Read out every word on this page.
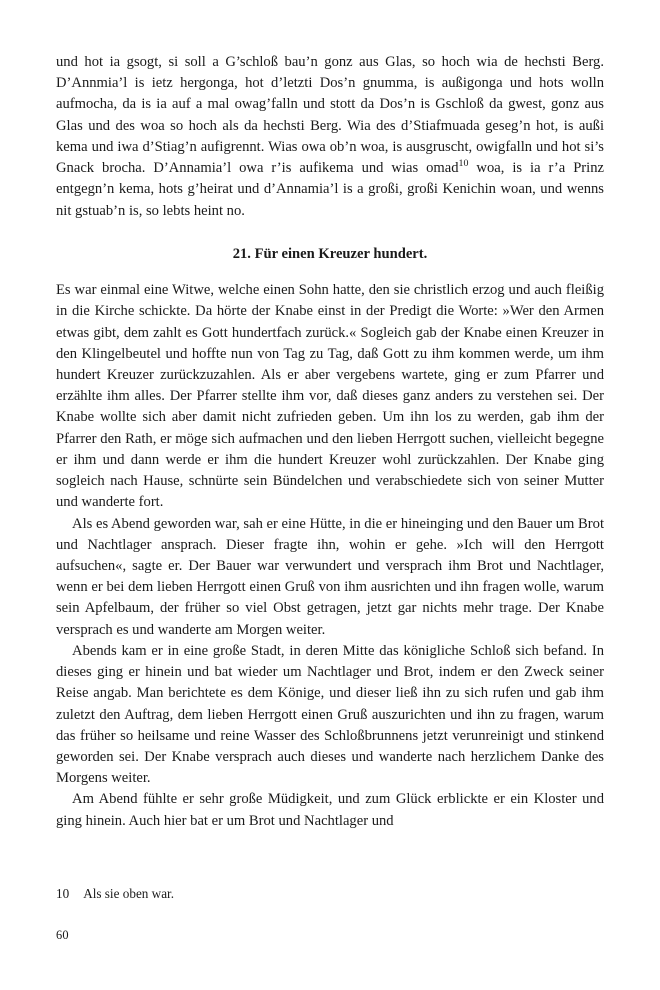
und hot ia gsogt, si soll a G’schloß bau’n gonz aus Glas, so hoch wia de hechsti Berg. D’Annmia’l is ietz hergonga, hot d’letzti Dos’n gnumma, is außigonga und hots wolln aufmocha, da is ia auf a mal owag’falln und stott da Dos’n is Gschloß da gwest, gonz aus Glas und des woa so hoch als da hechsti Berg. Wia des d’Stiafmuada geseg’n hot, is außi kema und iwa d’Stiag’n aufigrennt. Wias owa ob’n woa, is ausgruscht, owigfalln und hot si’s Gnack brocha. D’Annamia’l owa r’is aufikema und wias omad$^{10}$ woa, is ia r’a Prinz entgegn’n kema, hots g’heirat und d’Annamia’l is a großi, großi Kenichin woan, und wenns nit gstuab’n is, so lebts heint no.

21. Für einen Kreuzer hundert.

Es war einmal eine Witwe, welche einen Sohn hatte, den sie christlich erzog und auch fleißig in die Kirche schickte. Da hörte der Knabe einst in der Predigt die Worte: »Wer den Armen etwas gibt, dem zahlt es Gott hundertfach zurück.« Sogleich gab der Knabe einen Kreuzer in den Klingelbeutel und hoffte nun von Tag zu Tag, daß Gott zu ihm kommen werde, um ihm hundert Kreuzer zurückzuzahlen. Als er aber vergebens wartete, ging er zum Pfarrer und erzählte ihm alles. Der Pfarrer stellte ihm vor, daß dieses ganz anders zu verstehen sei. Der Knabe wollte sich aber damit nicht zufrieden geben. Um ihn los zu werden, gab ihm der Pfarrer den Rath, er möge sich aufmachen und den lieben Herrgott suchen, vielleicht begegne er ihm und dann werde er ihm die hundert Kreuzer wohl zurückzahlen. Der Knabe ging sogleich nach Hause, schnürte sein Bündelchen und verabschiedete sich von seiner Mutter und wanderte fort.

Als es Abend geworden war, sah er eine Hütte, in die er hineinging und den Bauer um Brot und Nachtlager ansprach. Dieser fragte ihn, wohin er gehe. »Ich will den Herrgott aufsuchen«, sagte er. Der Bauer war verwundert und versprach ihm Brot und Nachtlager, wenn er bei dem lieben Herrgott einen Gruß von ihm ausrichten und ihn fragen wolle, warum sein Apfelbaum, der früher so viel Obst getragen, jetzt gar nichts mehr trage. Der Knabe versprach es und wanderte am Morgen weiter.

Abends kam er in eine große Stadt, in deren Mitte das königliche Schloß sich befand. In dieses ging er hinein und bat wieder um Nachtlager und Brot, indem er den Zweck seiner Reise angab. Man berichtete es dem Könige, und dieser ließ ihn zu sich rufen und gab ihm zuletzt den Auftrag, dem lieben Herrgott einen Gruß auszurichten und ihn zu fragen, warum das früher so heilsame und reine Wasser des Schloßbrunnens jetzt verunreinigt und stinkend geworden sei. Der Knabe versprach auch dieses und wanderte nach herzlichem Danke des Morgens weiter.

Am Abend fühlte er sehr große Müdigkeit, und zum Glück erblickte er ein Kloster und ging hinein. Auch hier bat er um Brot und Nachtlager und

10 Als sie oben war.
60
